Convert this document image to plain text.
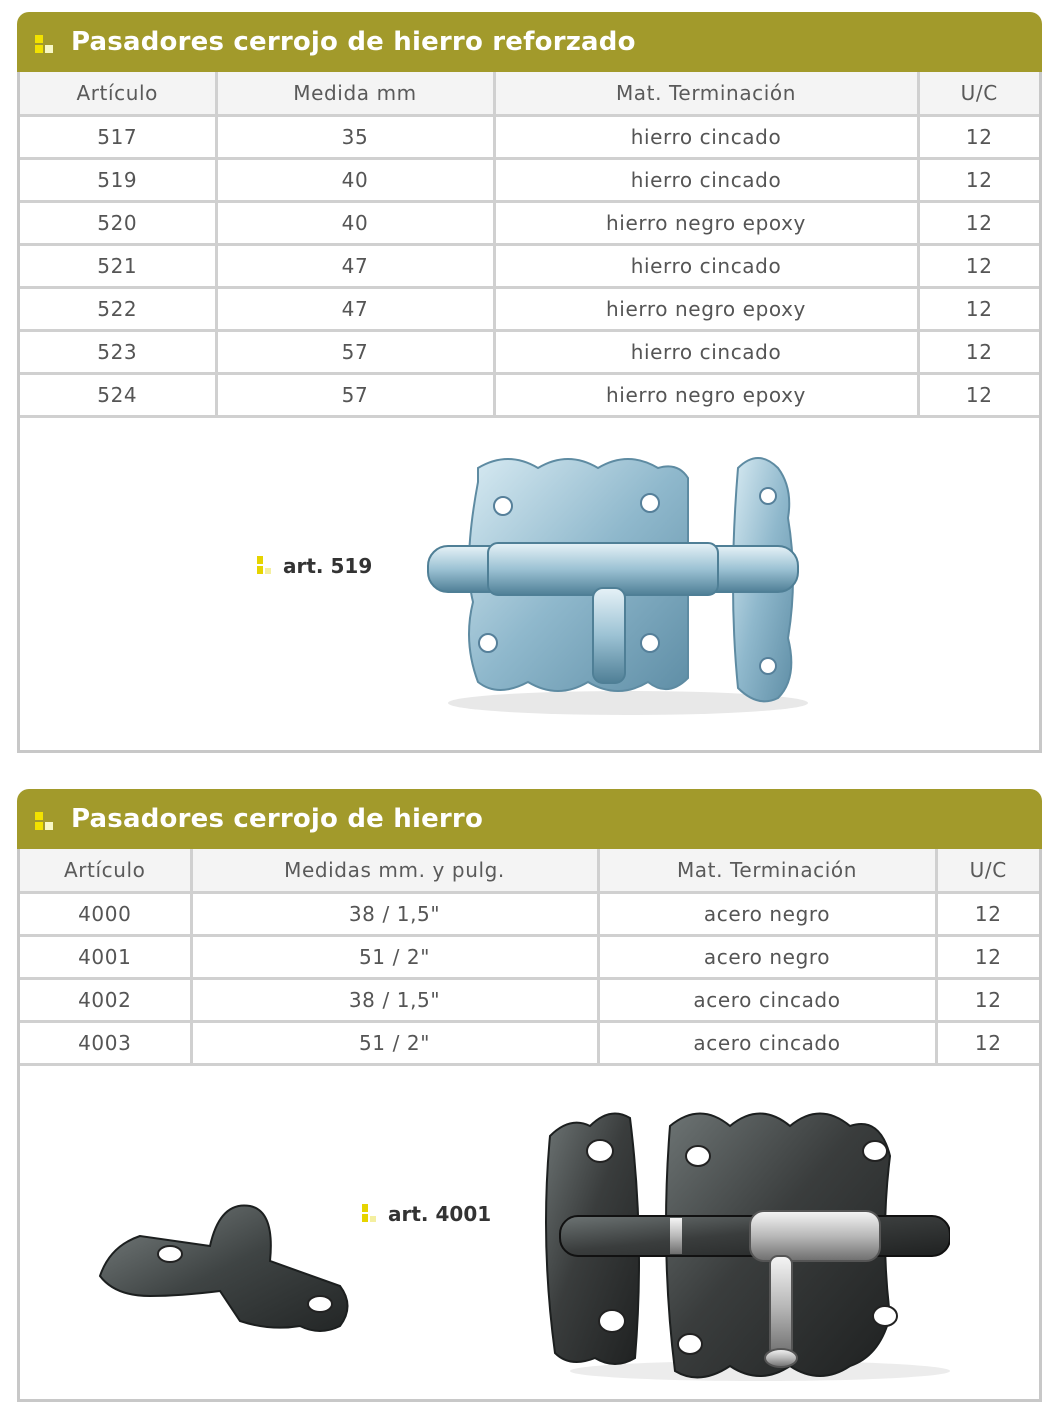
Pasadores cerrojo de hierro reforzado
Artículo	Medida mm	Mat. Terminación	U/C
517	35	hierro cincado	12
519	40	hierro cincado	12
520	40	hierro negro epoxy	12
521	47	hierro cincado	12
522	47	hierro negro epoxy	12
523	57	hierro cincado	12
524	57	hierro negro epoxy	12
art. 519
Pasadores cerrojo de hierro
Artículo	Medidas mm. y pulg.	Mat. Terminación	U/C
4000	38 / 1,5"	acero negro	12
4001	51 / 2"	acero negro	12
4002	38 / 1,5"	acero cincado	12
4003	51 / 2"	acero cincado	12
art. 4001
